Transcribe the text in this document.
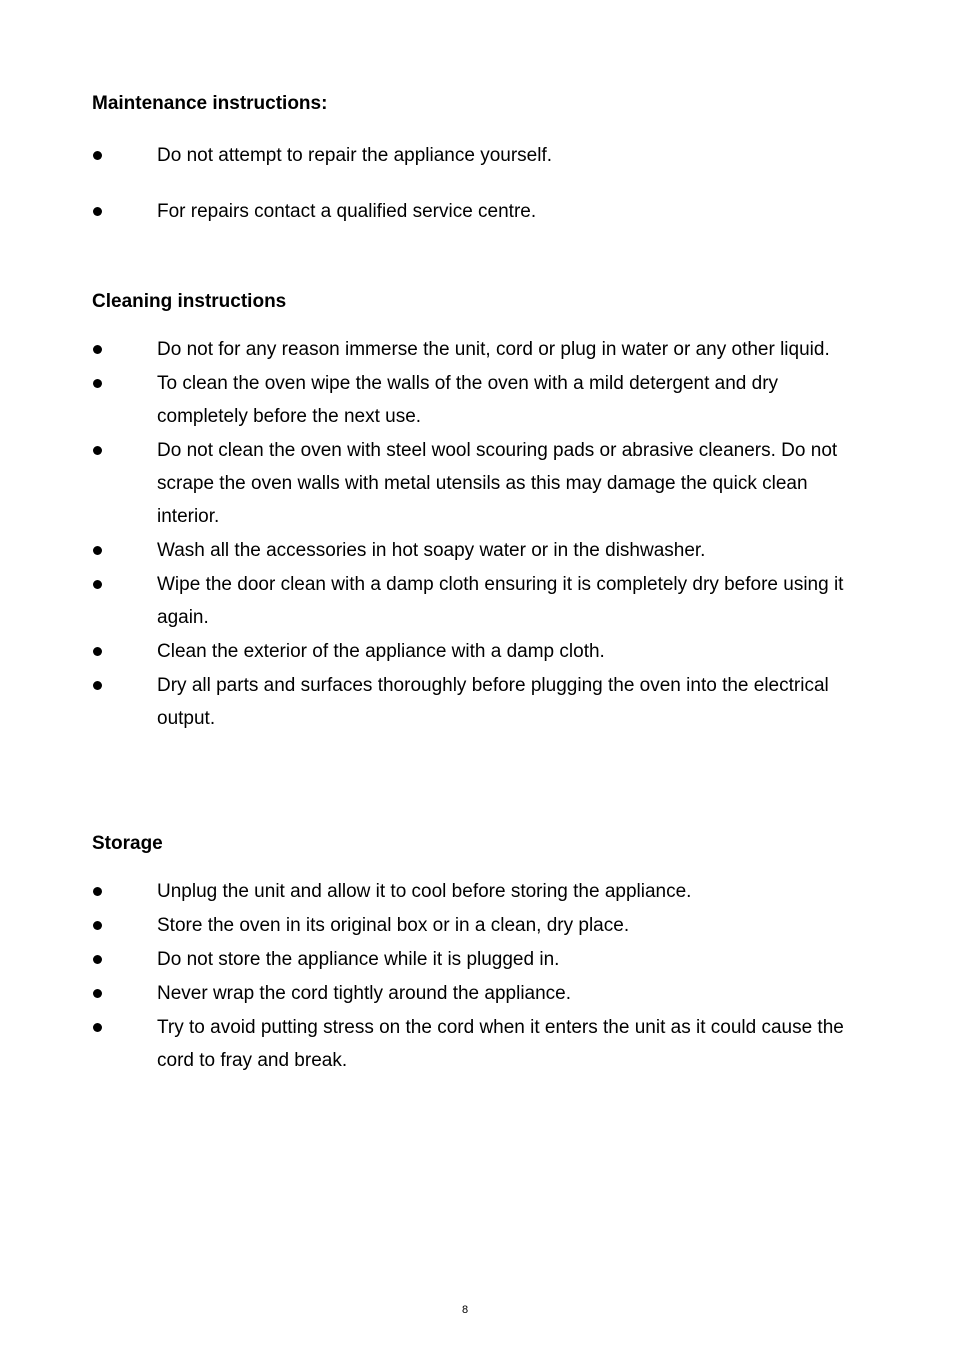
Maintenance instructions:

Do not attempt to repair the appliance yourself.
For repairs contact a qualified service centre.

Cleaning instructions

Do not for any reason immerse the unit, cord or plug in water or any other liquid.
To clean the oven wipe the walls of the oven with a mild detergent and dry completely before the next use.
Do not clean the oven with steel wool scouring pads or abrasive cleaners. Do not scrape the oven walls with metal utensils as this may damage the quick clean interior.
Wash all the accessories in hot soapy water or in the dishwasher.
Wipe the door clean with a damp cloth ensuring it is completely dry before using it again.
Clean the exterior of the appliance with a damp cloth.
Dry all parts and surfaces thoroughly before plugging the oven into the electrical output.

Storage

Unplug the unit and allow it to cool before storing the appliance.
Store the oven in its original box or in a clean, dry place.
Do not store the appliance while it is plugged in.
Never wrap the cord tightly around the appliance.
Try to avoid putting stress on the cord when it enters the unit as it could cause the cord to fray and break.
8
